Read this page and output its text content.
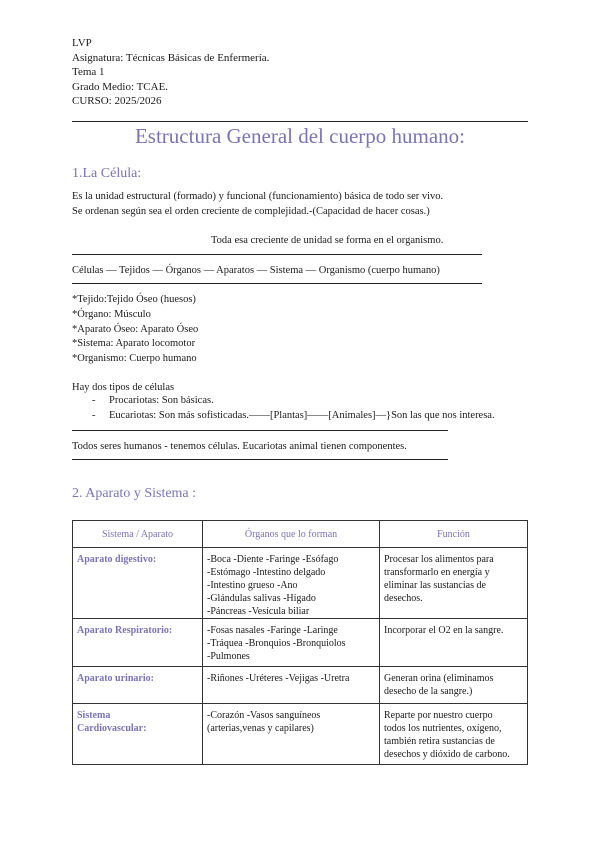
LVP
Asignatura: Técnicas Básicas de Enfermería.
Tema 1
Grado Medio: TCAE.
CURSO: 2025/2026
Estructura General del cuerpo humano:
1.La Célula:
Es la unidad estructural (formado) y funcional (funcionamiento) básica de todo ser vivo.
Se ordenan según sea el orden creciente de complejidad.-(Capacidad de hacer cosas.)
Toda esa creciente de unidad se forma en el organismo.
Células — Tejidos — Órganos — Aparatos — Sistema — Organismo (cuerpo humano)
*Tejido:Tejido Óseo (huesos)
*Órgano: Músculo
*Aparato Óseo: Aparato Óseo
*Sistema: Aparato locomotor
*Organismo: Cuerpo humano
Hay dos tipos de células
- Procariotas: Son básicas.
- Eucariotas: Son más sofisticadas.——[Plantas]——[Animales]—}Son las que nos interesa.
Todos seres humanos - tenemos células. Eucariotas animal tienen componentes.
2. Aparato y Sistema :
Sistema / Aparato	Órganos que lo forman	Función

Aparato digestivo:	-Boca -Diente -Faringe -Esófago
-Estómago -Intestino delgado
-Intestino grueso -Ano
-Glándulas salivas -Hígado
-Páncreas -Vesícula biliar	Procesar los alimentos para
transformarlo en energía y
eliminar las sustancias de
desechos.

Aparato Respiratorio:	-Fosas nasales -Faringe -Laringe
-Tráquea -Bronquios -Bronquiolos
-Pulmones	Incorporar el O2 en la sangre.

Aparato urinario:	-Riñones -Uréteres -Vejigas -Uretra	Generan orina (eliminamos
desecho de la sangre.)

Sistema
Cardiovascular:	-Corazón -Vasos sanguíneos
(arterias,venas y capilares)	Reparte por nuestro cuerpo
todos los nutrientes, oxígeno,
también retira sustancias de
desechos y dióxido de carbono.
